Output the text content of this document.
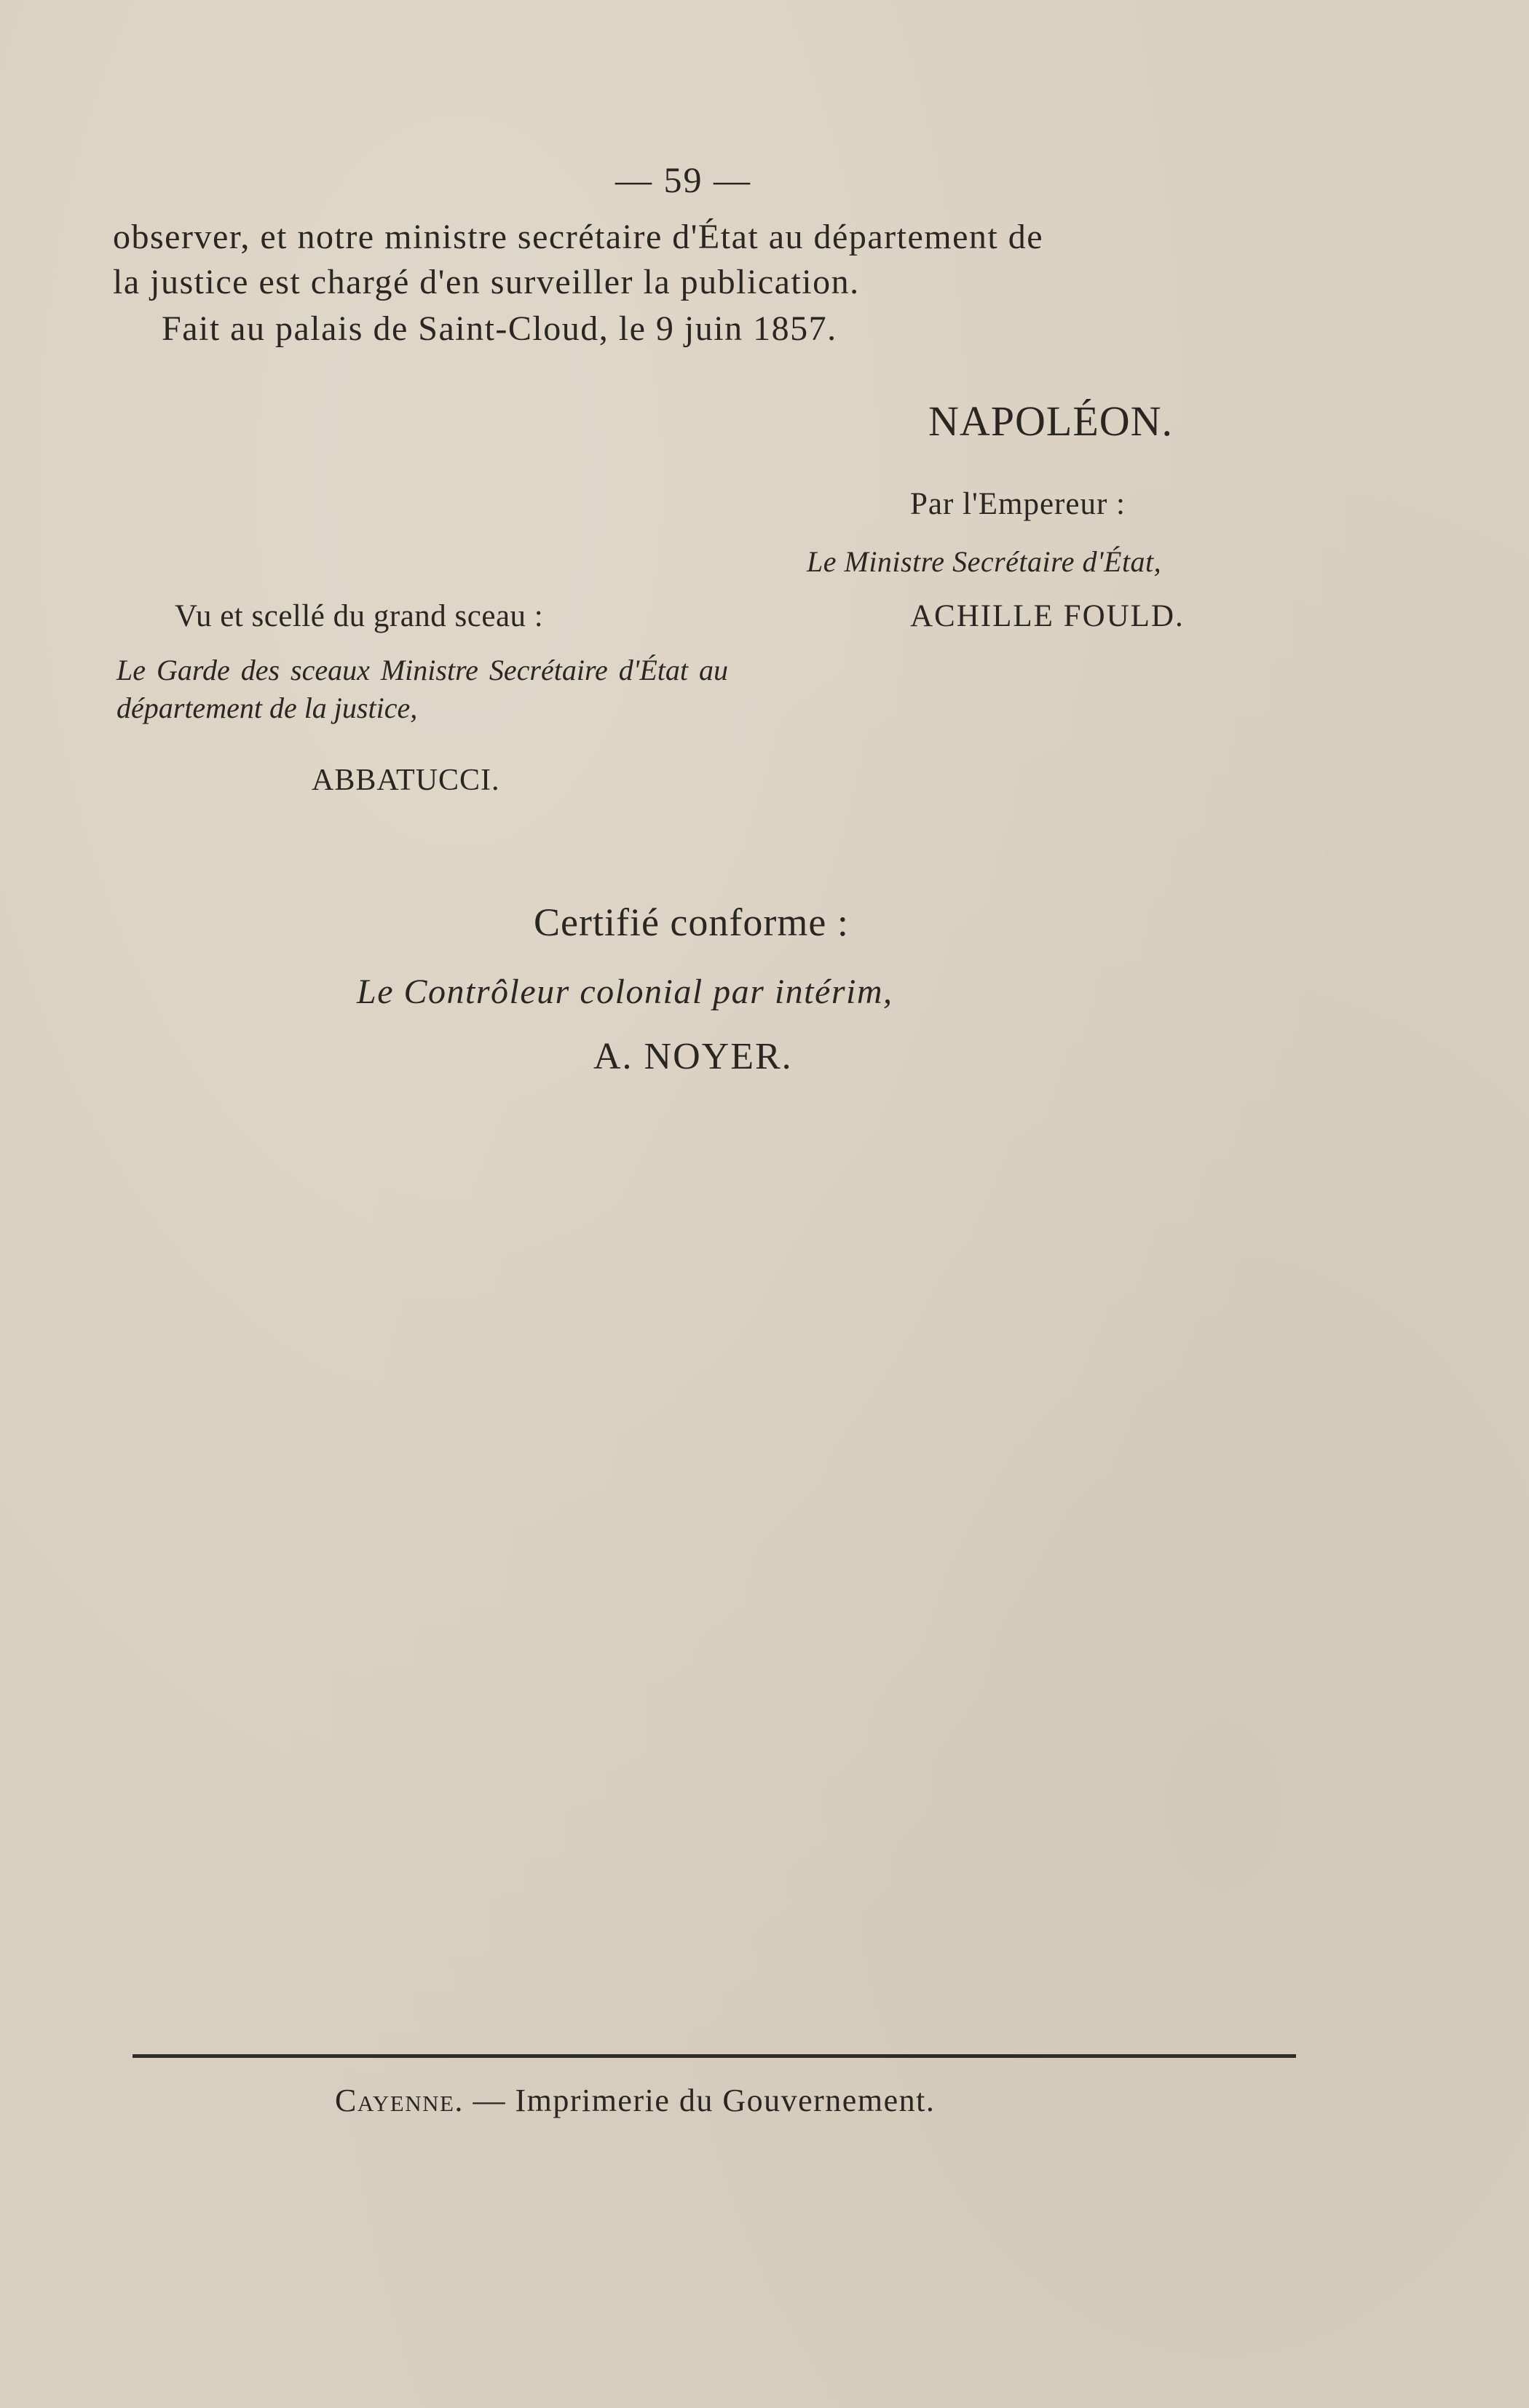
— 59 —
observer, et notre ministre secrétaire d'État au département de
la justice est chargé d'en surveiller la publication.
Fait au palais de Saint-Cloud, le 9 juin 1857.
NAPOLÉON.
Par l'Empereur :
Le Ministre Secrétaire d'État,
ACHILLE FOULD.
Vu et scellé du grand sceau :
Le Garde des sceaux Ministre Secrétaire d'État au département de la justice,
ABBATUCCI.
Certifié conforme :
Le Contrôleur colonial par intérim,
A. NOYER.
Cayenne. — Imprimerie du Gouvernement.
